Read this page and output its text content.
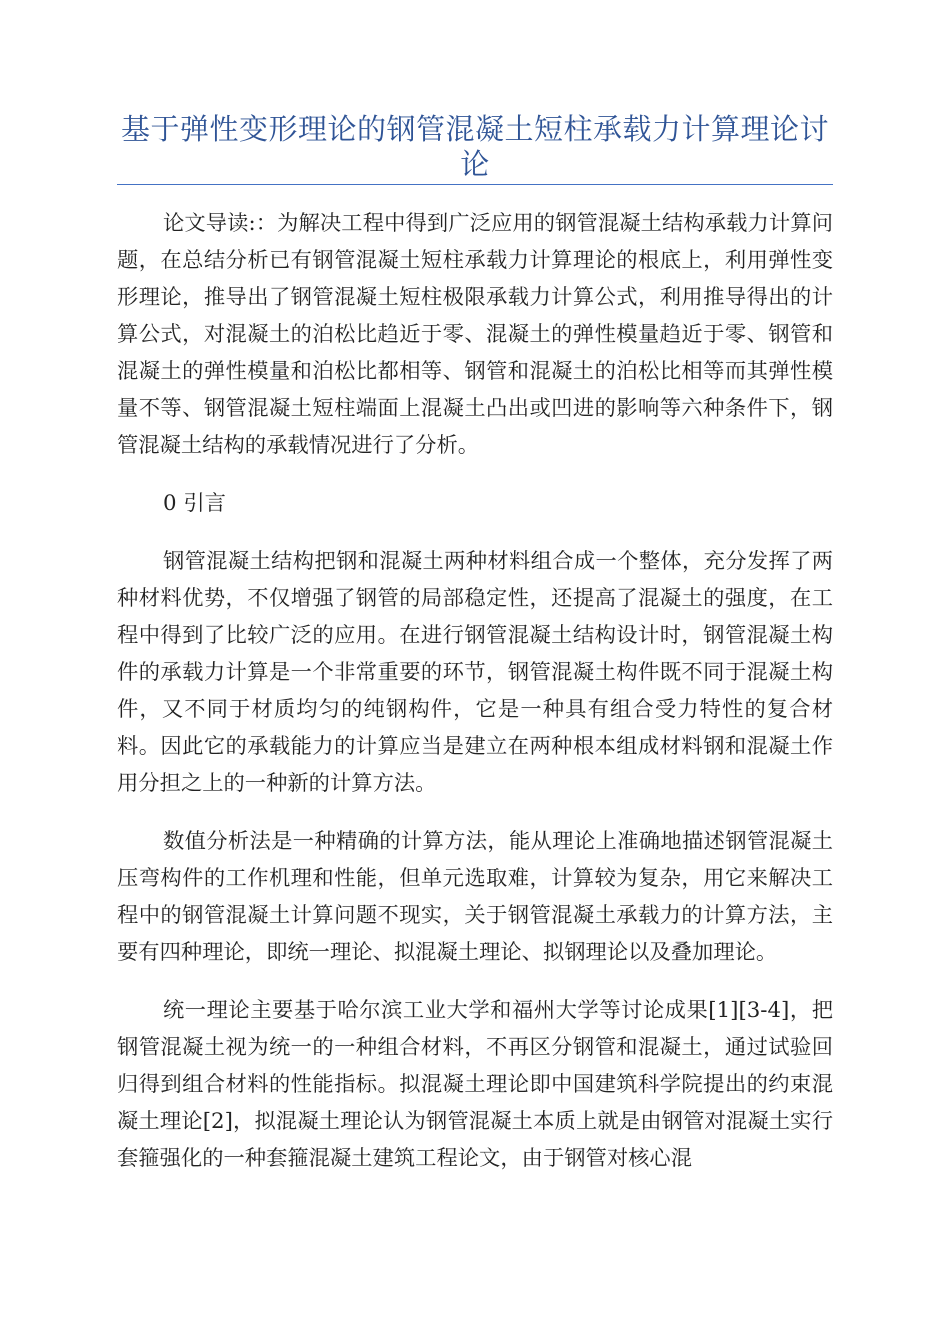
基于弹性变形理论的钢管混凝土短柱承载力计算理论讨论

论文导读:：为解决工程中得到广泛应用的钢管混凝土结构承载力计算问题，在总结分析已有钢管混凝土短柱承载力计算理论的根底上，利用弹性变形理论，推导出了钢管混凝土短柱极限承载力计算公式，利用推导得出的计算公式，对混凝土的泊松比趋近于零、混凝土的弹性模量趋近于零、钢管和混凝土的弹性模量和泊松比都相等、钢管和混凝土的泊松比相等而其弹性模量不等、钢管混凝土短柱端面上混凝土凸出或凹进的影响等六种条件下，钢管混凝土结构的承载情况进行了分析。

0 引言

钢管混凝土结构把钢和混凝土两种材料组合成一个整体，充分发挥了两种材料优势，不仅增强了钢管的局部稳定性，还提高了混凝土的强度，在工程中得到了比较广泛的应用。在进行钢管混凝土结构设计时，钢管混凝土构件的承载力计算是一个非常重要的环节，钢管混凝土构件既不同于混凝土构件，又不同于材质均匀的纯钢构件，它是一种具有组合受力特性的复合材料。因此它的承载能力的计算应当是建立在两种根本组成材料钢和混凝土作用分担之上的一种新的计算方法。

数值分析法是一种精确的计算方法，能从理论上准确地描述钢管混凝土压弯构件的工作机理和性能，但单元选取难，计算较为复杂，用它来解决工程中的钢管混凝土计算问题不现实，关于钢管混凝土承载力的计算方法，主要有四种理论，即统一理论、拟混凝土理论、拟钢理论以及叠加理论。

统一理论主要基于哈尔滨工业大学和福州大学等讨论成果[1][3-4]，把钢管混凝土视为统一的一种组合材料，不再区分钢管和混凝土，通过试验回归得到组合材料的性能指标。拟混凝土理论即中国建筑科学院提出的约束混凝土理论[2]，拟混凝土理论认为钢管混凝土本质上就是由钢管对混凝土实行套箍强化的一种套箍混凝土建筑工程论文，由于钢管对核心混
